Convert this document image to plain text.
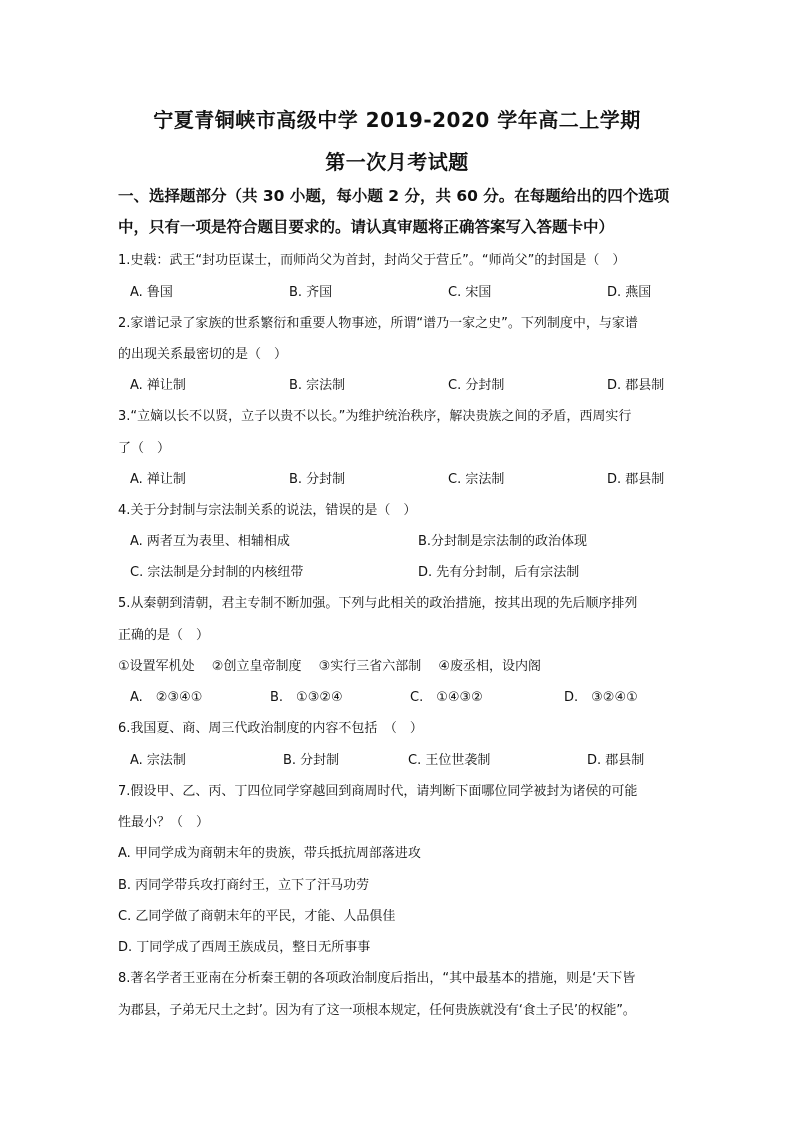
宁夏青铜峡市高级中学 2019-2020 学年高二上学期
第一次月考试题
一、选择题部分（共 30 小题，每小题 2 分，共 60 分。在每题给出的四个选项
中，只有一项是符合题目要求的。请认真审题将正确答案写入答题卡中）
1.史载：武王“封功臣谋士，而师尚父为首封，封尚父于营丘”。“师尚父”的封国是（　）
A. 鲁国	B. 齐国	C. 宋国	D. 燕国
2.家谱记录了家族的世系繁衍和重要人物事迹，所谓“谱乃一家之史”。下列制度中，与家谱
的出现关系最密切的是（　）
A. 禅让制	B. 宗法制	C. 分封制	D. 郡县制
3.“立嫡以长不以贤，立子以贵不以长。”为维护统治秩序，解决贵族之间的矛盾，西周实行
了（　）
A. 禅让制	B. 分封制	C. 宗法制	D. 郡县制
4.关于分封制与宗法制关系的说法，错误的是（　）
A. 两者互为表里、相辅相成	B.分封制是宗法制的政治体现
C. 宗法制是分封制的内核纽带	D. 先有分封制，后有宗法制
5.从秦朝到清朝，君主专制不断加强。下列与此相关的政治措施，按其出现的先后顺序排列
正确的是（　）
①设置军机处　 ②创立皇帝制度　 ③实行三省六部制　 ④废丞相，设内阁
A.　②③④①	B.　①③②④	C.　①④③②	D.　③②④①
6.我国夏、商、周三代政治制度的内容不包括　（　）
A. 宗法制	B. 分封制	C. 王位世袭制	D. 郡县制
7.假设甲、乙、丙、丁四位同学穿越回到商周时代，请判断下面哪位同学被封为诸侯的可能
性最小？（　）
A. 甲同学成为商朝末年的贵族，带兵抵抗周部落进攻
B. 丙同学带兵攻打商纣王，立下了汗马功劳
C. 乙同学做了商朝末年的平民，才能、人品俱佳
D. 丁同学成了西周王族成员，整日无所事事
8.著名学者王亚南在分析秦王朝的各项政治制度后指出，“其中最基本的措施，则是‘天下皆
为郡县，子弟无尺土之封’。因为有了这一项根本规定，任何贵族就没有‘食土子民’的权能”。
